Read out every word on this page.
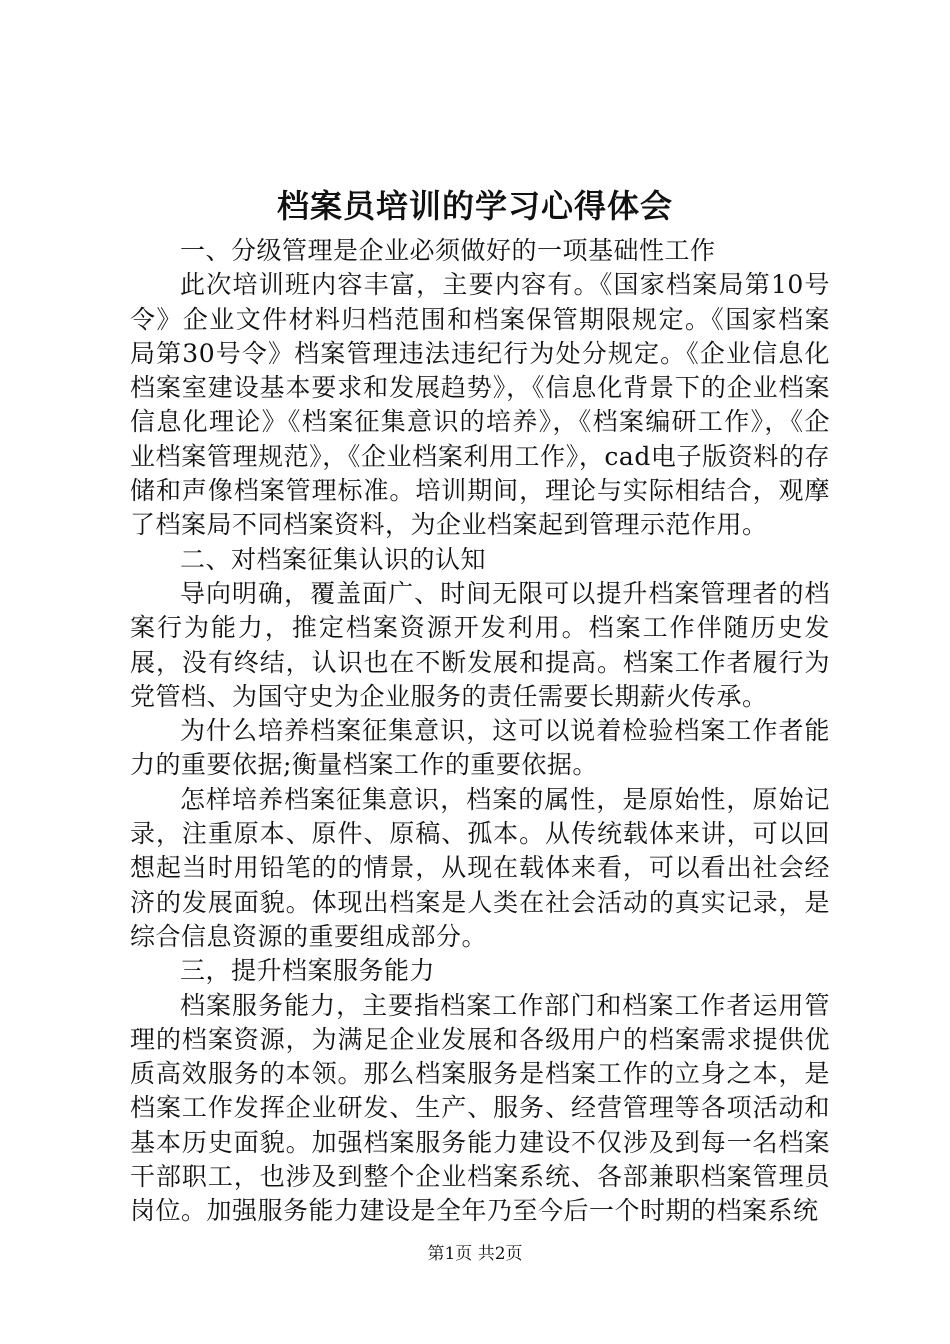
档案员培训的学习心得体会

一、分级管理是企业必须做好的一项基础性工作

此次培训班内容丰富，主要内容有。《国家档案局第10号令》企业文件材料归档范围和档案保管期限规定。《国家档案局第30号令》档案管理违法违纪行为处分规定。《企业信息化档案室建设基本要求和发展趋势》，《信息化背景下的企业档案信息化理论》《档案征集意识的培养》，《档案编研工作》，《企业档案管理规范》，《企业档案利用工作》，cad电子版资料的存储和声像档案管理标准。培训期间，理论与实际相结合，观摩了档案局不同档案资料，为企业档案起到管理示范作用。

二、对档案征集认识的认知

导向明确，覆盖面广、时间无限可以提升档案管理者的档案行为能力，推定档案资源开发利用。档案工作伴随历史发展，没有终结，认识也在不断发展和提高。档案工作者履行为党管档、为国守史为企业服务的责任需要长期薪火传承。

为什么培养档案征集意识，这可以说着检验档案工作者能力的重要依据;衡量档案工作的重要依据。

怎样培养档案征集意识，档案的属性，是原始性，原始记录，注重原本、原件、原稿、孤本。从传统载体来讲，可以回想起当时用铅笔的的情景，从现在载体来看，可以看出社会经济的发展面貌。体现出档案是人类在社会活动的真实记录，是综合信息资源的重要组成部分。

三，提升档案服务能力

档案服务能力，主要指档案工作部门和档案工作者运用管理的档案资源，为满足企业发展和各级用户的档案需求提供优质高效服务的本领。那么档案服务是档案工作的立身之本，是档案工作发挥企业研发、生产、服务、经营管理等各项活动和基本历史面貌。加强档案服务能力建设不仅涉及到每一名档案干部职工，也涉及到整个企业档案系统、各部兼职档案管理员岗位。加强服务能力建设是全年乃至今后一个时期的档案系统

第1页 共2页
